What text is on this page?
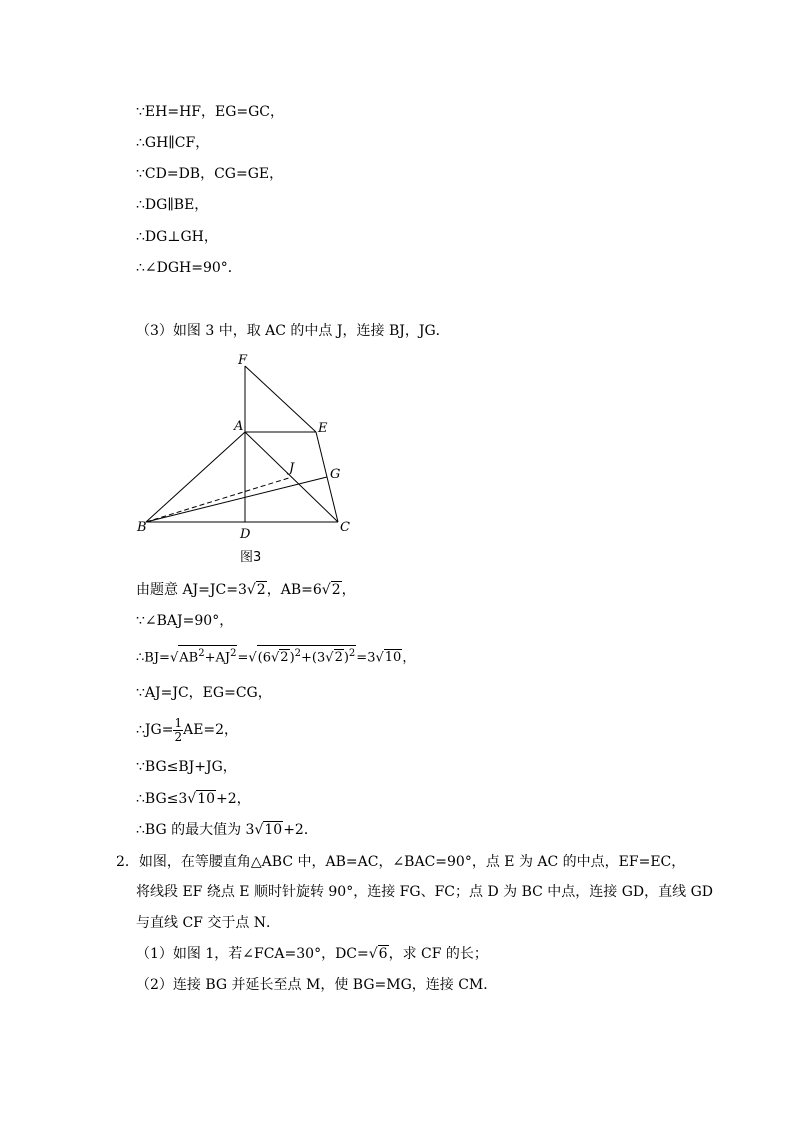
∵EH=HF，EG=GC，
∴GH∥CF，
∵CD=DB，CG=GE，
∴DG∥BE，
∴DG⊥GH，
∴∠DGH=90°．
（3）如图 3 中，取 AC 的中点 J，连接 BJ，JG．
F
A	E
J	G
B	D	C
图3
由题意 AJ=JC=3√2，AB=6√2，
∵∠BAJ=90°，
$\therefore BJ=√AB^2+AJ^2=√(6√2)^2+(3√2)^2=3√10$，
∵AJ=JC，EG=CG，
∴JG= $\frac{1}{2} AE=2$，
∵BG≤BJ+JG，
∴BG≤3√10+2，
∴BG 的最大值为 3√10+2．
2．如图，在等腰直角△ABC 中，AB=AC，∠BAC=90°，点 E 为 AC 的中点，EF=EC，
将线段 EF 绕点 E 顺时针旋转 90°，连接 FG、FC；点 D 为 BC 中点，连接 GD，直线 GD
与直线 CF 交于点 N．
（1）如图 1，若∠FCA=30°，DC=√6，求 CF 的长；
（2）连接 BG 并延长至点 M，使 BG=MG，连接 CM．
